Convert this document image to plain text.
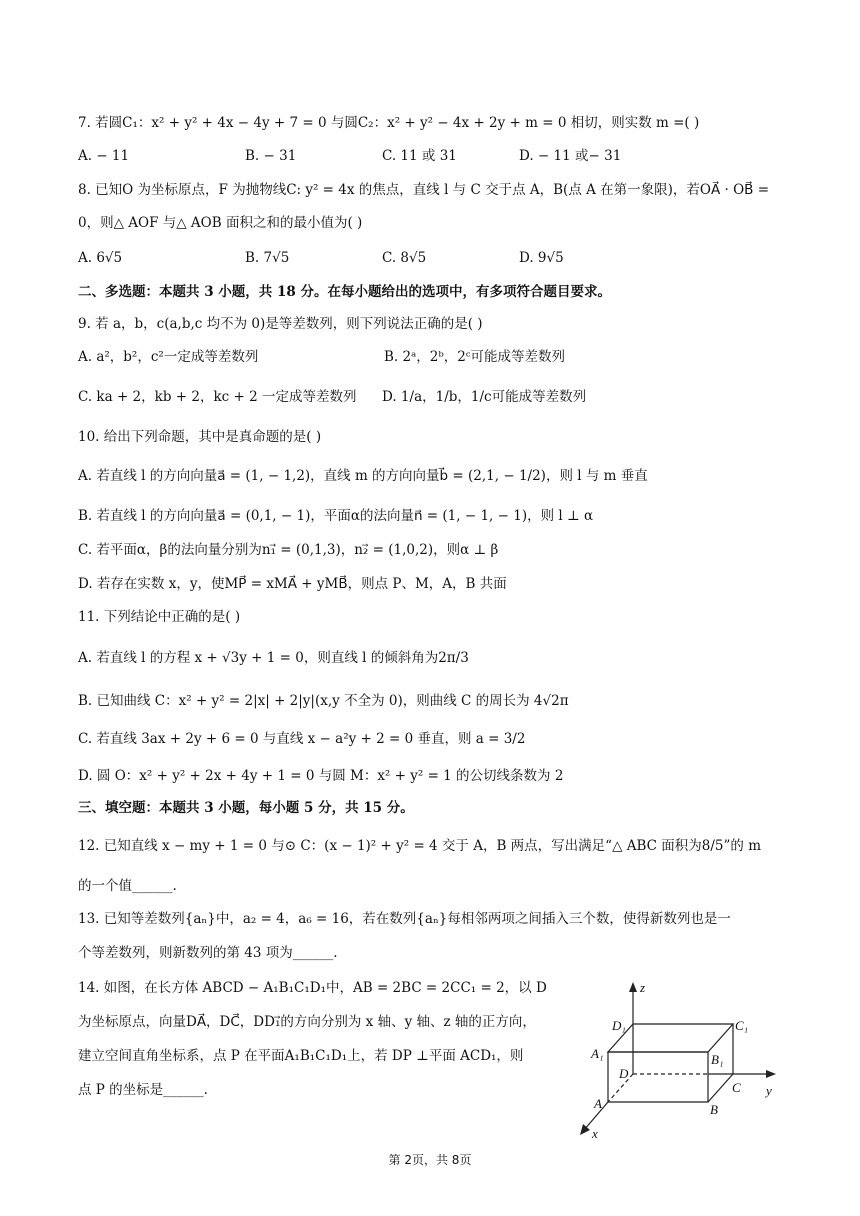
7. 若圆C₁：x² + y² + 4x − 4y + 7 = 0 与圆C₂：x² + y² − 4x + 2y + m = 0 相切，则实数 m =( )
A. − 11	B. − 31	C. 11 或 31	D. − 11 或− 31
8. 已知O 为坐标原点，F 为抛物线C: y² = 4x 的焦点，直线 l 与 C 交于点 A，B(点 A 在第一象限)，若OA⃗ · OB⃗ =
0，则△ AOF 与△ AOB 面积之和的最小值为( )
A. 6√5	B. 7√5	C. 8√5	D. 9√5
二、多选题：本题共 3 小题，共 18 分。在每小题给出的选项中，有多项符合题目要求。
9. 若 a，b，c(a,b,c 均不为 0)是等差数列，则下列说法正确的是( )
A. a²，b²，c²一定成等差数列	B. 2ᵃ，2ᵇ，2ᶜ可能成等差数列
C. ka + 2，kb + 2，kc + 2 一定成等差数列 D. 1/a，1/b，1/c可能成等差数列
10. 给出下列命题，其中是真命题的是( )
A. 若直线 l 的方向向量a⃗ = (1, − 1,2)，直线 m 的方向向量b⃗ = (2,1, − 1/2)，则 l 与 m 垂直
B. 若直线 l 的方向向量a⃗ = (0,1, − 1)，平面α的法向量n⃗ = (1, − 1, − 1)，则 l ⊥ α
C. 若平面α，β的法向量分别为n₁⃗ = (0,1,3)，n₂⃗ = (1,0,2)，则α ⊥ β
D. 若存在实数 x，y，使MP⃗ = xMA⃗ + yMB⃗，则点 P、M，A，B 共面
11. 下列结论中正确的是( )
A. 若直线 l 的方程 x + √3y + 1 = 0，则直线 l 的倾斜角为2π/3
B. 已知曲线 C：x² + y² = 2|x| + 2|y|(x,y 不全为 0)，则曲线 C 的周长为 4√2π
C. 若直线 3ax + 2y + 6 = 0 与直线 x − a²y + 2 = 0 垂直，则 a = 3/2
D. 圆 O：x² + y² + 2x + 4y + 1 = 0 与圆 M：x² + y² = 1 的公切线条数为 2
三、填空题：本题共 3 小题，每小题 5 分，共 15 分。
12. 已知直线 x − my + 1 = 0 与⊙ C：(x − 1)² + y² = 4 交于 A，B 两点，写出满足“△ ABC 面积为8/5”的 m
的一个值______.
13. 已知等差数列{aₙ}中，a₂ = 4，a₆ = 16，若在数列{aₙ}每相邻两项之间插入三个数，使得新数列也是一
个等差数列，则新数列的第 43 项为______.
14. 如图，在长方体 ABCD − A₁B₁C₁D₁中，AB = 2BC = 2CC₁ = 2，以 D
为坐标原点，向量DA⃗，DC⃗，DD₁⃗的方向分别为 x 轴、y 轴、z 轴的正方向，
建立空间直角坐标系，点 P 在平面A₁B₁C₁D₁上，若 DP ⊥平面 ACD₁，则
点 P 的坐标是______.
z
y
x
D₁	C₁
A₁	B₁
D
C
A	B
第 2页，共 8页
